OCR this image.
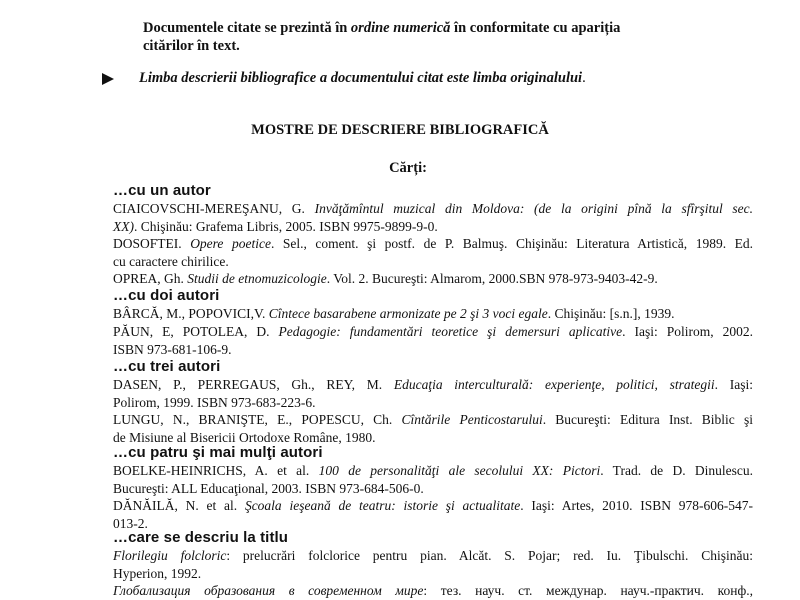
Documentele citate se prezintă în ordine numerică în conformitate cu apariția

citărilor în text.

Limba descrierii bibliografice a documentului citat este limba originalului.

MOSTRE DE DESCRIERE BIBLIOGRAFICĂ

Cărți:

…cu un autor

CIAICOVSCHI-MEREŞANU, G. Invăţămîntul muzical din Moldova: (de la origini pînă la sfîrşitul sec.
XX). Chişinău: Grafema Libris, 2005. ISBN 9975-9899-9-0.
DOSOFTEI. Opere poetice. Sel., coment. şi postf. de P. Balmuş. Chişinău: Literatura Artistică, 1989. Ed.
cu caractere chirilice.
OPREA, Gh. Studii de etnomuzicologie. Vol. 2. Bucureşti: Almarom, 2000.SBN 978-973-9403-42-9.

…cu doi autori

BÂRCĂ, M., POPOVICI,V. Cîntece basarabene armonizate pe 2 şi 3 voci egale. Chişinău: [s.n.], 1939.
PĂUN, E, POTOLEA, D. Pedagogie: fundamentări teoretice şi demersuri aplicative. Iaşi: Polirom, 2002.
ISBN 973-681-106-9.

…cu trei autori

DASEN, P., PERREGAUS, Gh., REY, M. Educaţia interculturală: experienţe, politici, strategii. Iaşi:
Polirom, 1999. ISBN 973-683-223-6.
LUNGU, N., BRANIŞTE, E., POPESCU, Ch. Cîntările Penticostarului. Bucureşti: Editura Inst. Biblic şi
de Misiune al Bisericii Ortodoxe Române, 1980.

…cu patru şi mai mulţi autori

BOELKE-HEINRICHS, A. et al. 100 de personalităţi ale secolului XX: Pictori. Trad. de D. Dinulescu.
Bucureşti: ALL Educaţional, 2003. ISBN 973-684-506-0.
DĂNĂILĂ, N. et al. Şcoala ieşeană de teatru: istorie şi actualitate. Iaşi: Artes, 2010. ISBN 978-606-547-
013-2.

…care se descriu la titlu

Florilegiu folcloric: prelucrări folclorice pentru pian. Alcăt. S. Pojar; red. Iu. Ţibulschi. Chişinău:
Hyperion, 1992.
Глобализация образования в современном мире: тез. науч. ст. междунар. науч.-практич. конф.,
